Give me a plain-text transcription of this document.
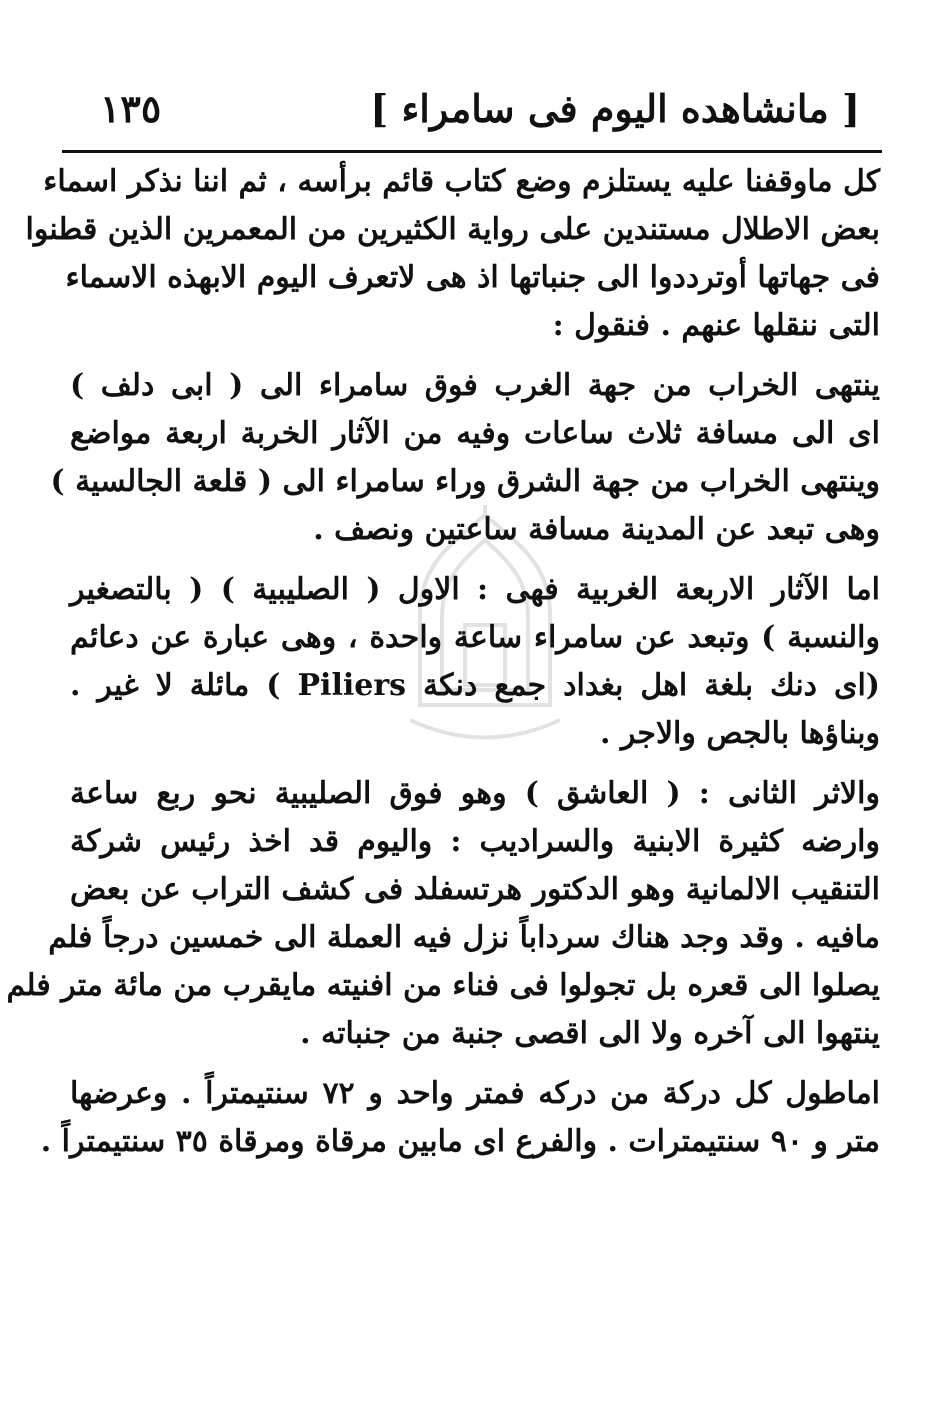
[ مانشاهده اليوم فى سامراء ]
١٣٥
كل ماوقفنا عليه يستلزم وضع كتاب قائم برأسه ، ثم اننا نذكر اسماء
بعض الاطلال مستندين على رواية الكثيرين من المعمرين الذين قطنوا
فى جهاتها أوترددوا الى جنباتها اذ هى لاتعرف اليوم الابهذه الاسماء
التى ننقلها عنهم . فنقول :
ينتهى الخراب من جهة الغرب فوق سامراء الى ( ابى دلف )
اى الى مسافة ثلاث ساعات وفيه من الآثار الخربة اربعة مواضع
وينتهى الخراب من جهة الشرق وراء سامراء الى ( قلعة الجالسية )
وهى تبعد عن المدينة مسافة ساعتين ونصف .
اما الآثار الاربعة الغربية فهى : الاول ( الصليبية ) ( بالتصغير
والنسبة ) وتبعد عن سامراء ساعة واحدة ، وهى عبارة عن دعائم
(اى دنك بلغة اهل بغداد جمع دنكة Piliers ) مائلة لا غير .
وبناؤها بالجص والاجر .
والاثر الثانى : ( العاشق ) وهو فوق الصليبية نحو ربع ساعة
وارضه كثيرة الابنية والسراديب : واليوم قد اخذ رئيس شركة
التنقيب الالمانية وهو الدكتور هرتسفلد فى كشف التراب عن بعض
مافيه . وقد وجد هناك سرداباً نزل فيه العملة الى خمسين درجاً فلم
يصلوا الى قعره بل تجولوا فى فناء من افنيته مايقرب من مائة متر فلم
ينتهوا الى آخره ولا الى اقصى جنبة من جنباته .
اماطول كل دركة من دركه فمتر واحد و ٧٢ سنتيمتراً . وعرضها
متر و ٩٠ سنتيمترات . والفرع اى مابين مرقاة ومرقاة ٣٥ سنتيمتراً .
